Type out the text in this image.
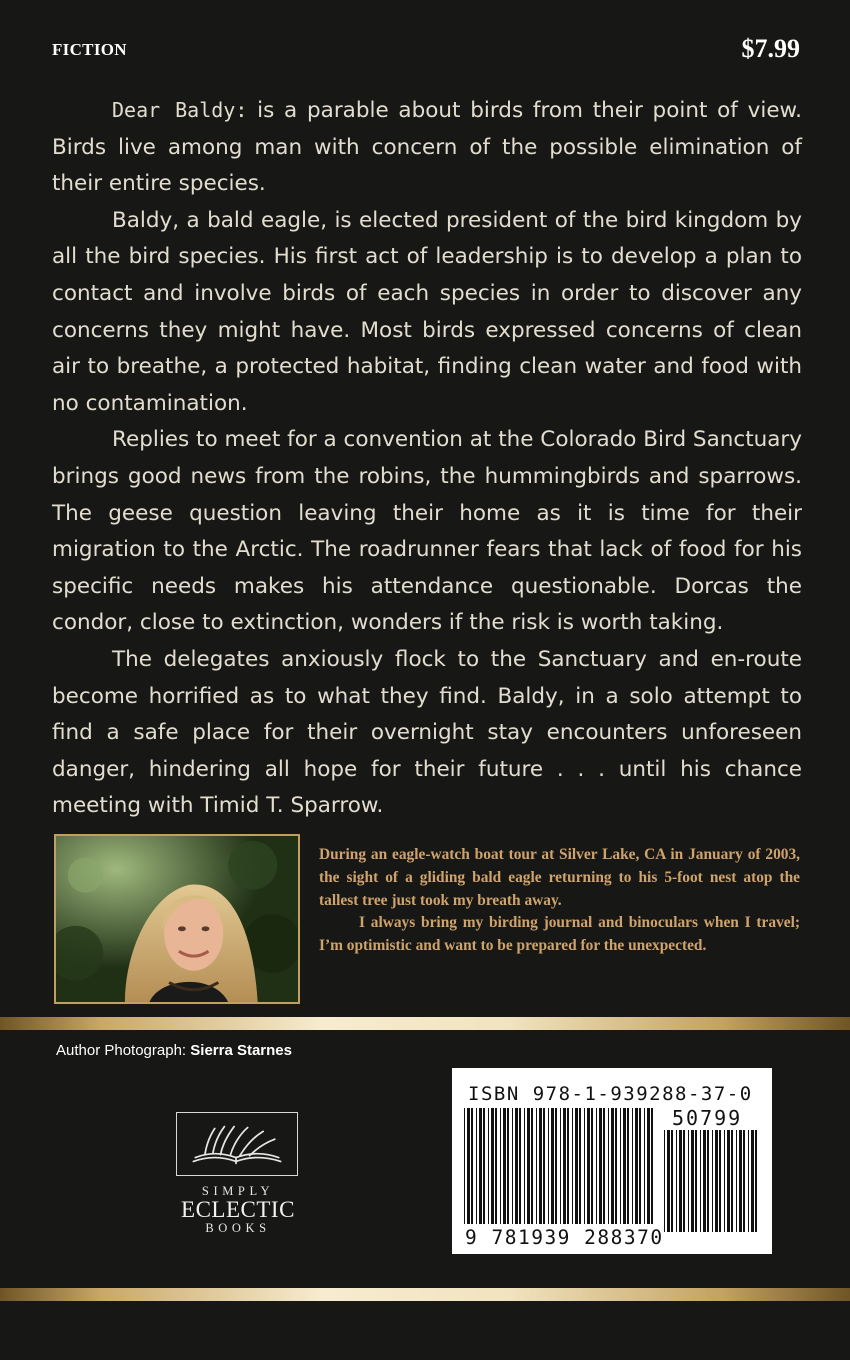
FICTION	$7.99

Dear Baldy: is a parable about birds from their point of view. Birds live among man with concern of the possible elimination of their entire species.

Baldy, a bald eagle, is elected president of the bird kingdom by all the bird species. His first act of leadership is to develop a plan to contact and involve birds of each species in order to discover any concerns they might have. Most birds expressed concerns of clean air to breathe, a protected habitat, finding clean water and food with no contamination.

Replies to meet for a convention at the Colorado Bird Sanctuary brings good news from the robins, the hummingbirds and sparrows. The geese question leaving their home as it is time for their migration to the Arctic. The roadrunner fears that lack of food for his specific needs makes his attendance questionable. Dorcas the condor, close to extinction, wonders if the risk is worth taking.

The delegates anxiously flock to the Sanctuary and en-route become horrified as to what they find. Baldy, in a solo attempt to find a safe place for their overnight stay encounters unforeseen danger, hindering all hope for their future . . . until his chance meeting with Timid T. Sparrow.

During an eagle-watch boat tour at Silver Lake, CA in January of 2003, the sight of a gliding bald eagle returning to his 5-foot nest atop the tallest tree just took my breath away.

I always bring my birding journal and binoculars when I travel; I’m optimistic and want to be prepared for the unexpected.

Author Photograph: Sierra Starnes
SIMPLY
ECLECTIC
BOOKS
ISBN 978-1-939288-37-0
50799
9 781939 288370
